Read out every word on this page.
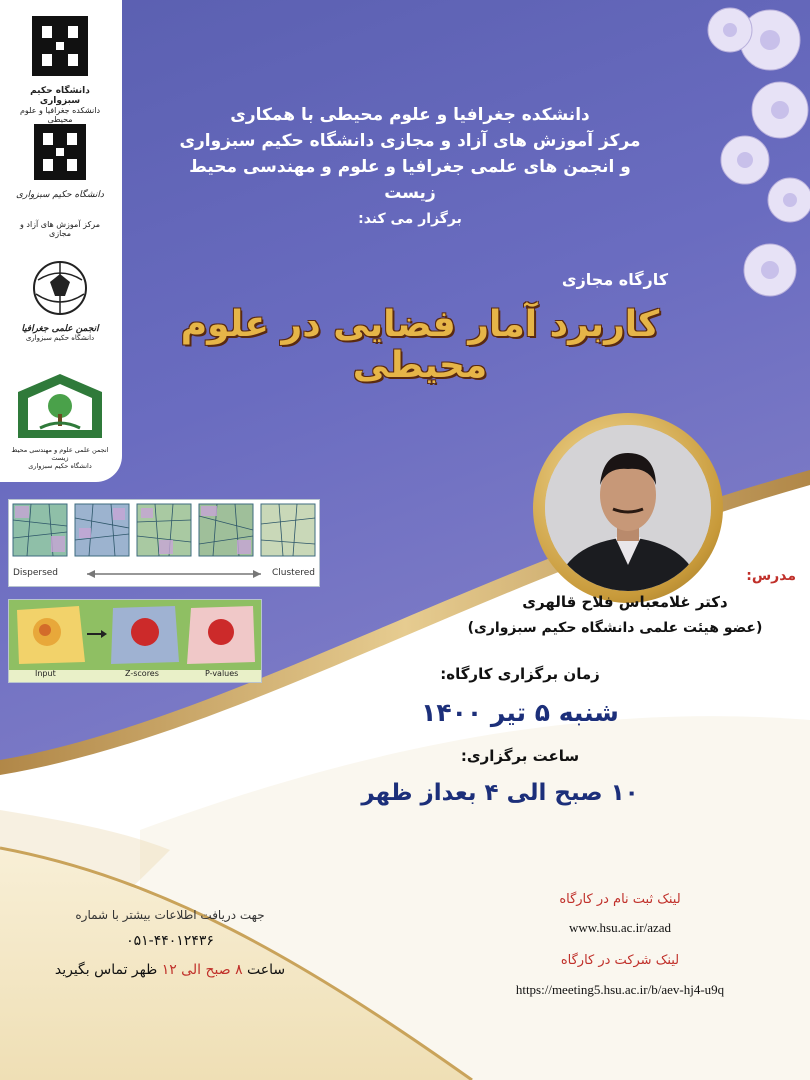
دانشگاه حکیم سبزواری
دانشکده جغرافیا و علوم محیطی
دانشگاه حکیم سبزواری
مرکز آموزش های آزاد و مجازی
انجمن علمی جغرافیا
دانشگاه حکیم سبزواری
انجمن علمی علوم و مهندسی محیط زیست
دانشگاه حکیم سبزواری
دانشکده جغرافیا و علوم محیطی با همکاری
مرکز آموزش های آزاد و مجازی دانشگاه حکیم سبزواری
و انجمن های علمی جغرافیا و علوم و مهندسی محیط زیست
برگزار می کند:
کارگاه مجازی
کاربرد آمار فضایی در علوم محیطی
Dispersed	Clustered
Input	Z-scores	P-values
مدرس:
دکتر غلامعباس فلاح قالهری
(عضو هیئت علمی دانشگاه حکیم سبزواری)
زمان برگزاری کارگاه:
شنبه ۵ تیر ۱۴۰۰
ساعت برگزاری:
۱۰ صبح الی ۴ بعداز ظهر
لینک ثبت نام در کارگاه
www.hsu.ac.ir/azad
لینک شرکت در کارگاه
https://meeting5.hsu.ac.ir/b/aev-hj4-u9q
جهت دریافت اطلاعات بیشتر با شماره
۰۵۱-۴۴۰۱۲۴۳۶
ساعت ۸ صبح الی ۱۲ ظهر تماس بگیرید
